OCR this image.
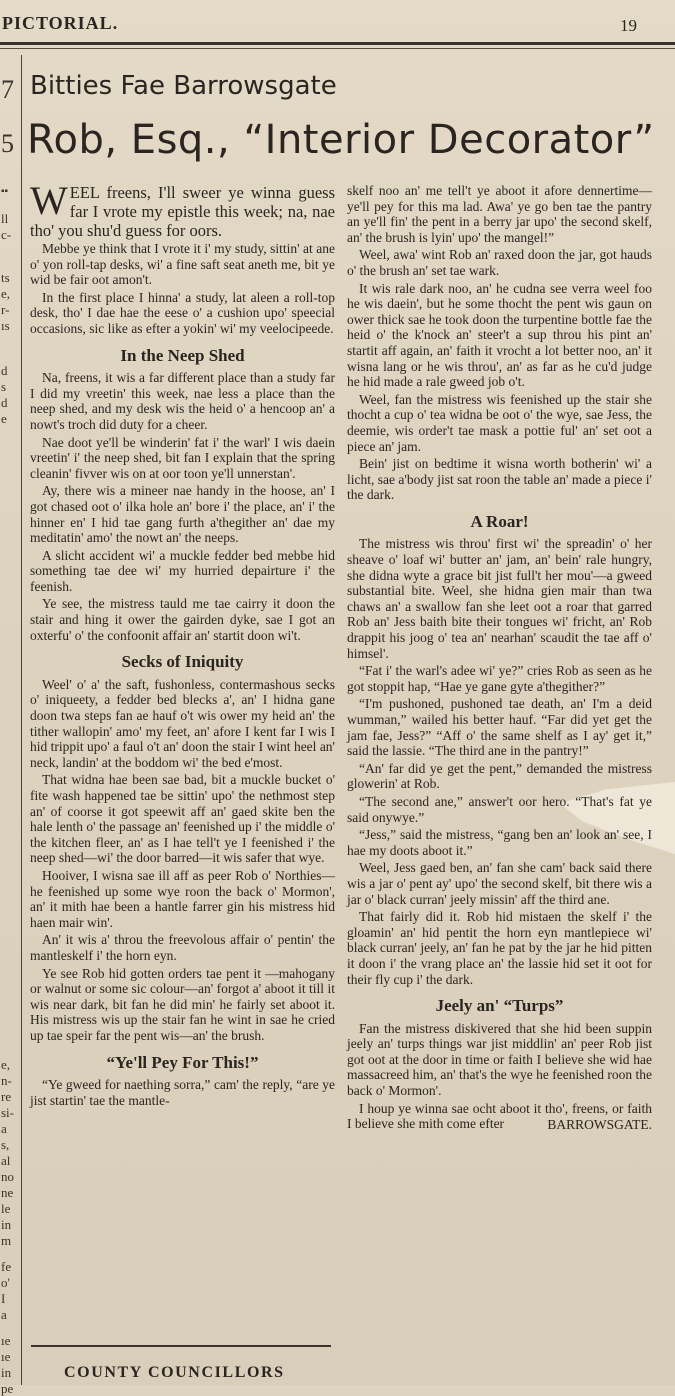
PICTORIAL.	19
7
5
▪▪
ll
c-
ts
e,
r-
ıs
d
s
d
e
e,
n-
re
si-
a
s,
al
no
ne
le
in
m
fe
o'
I
a
ıe
ıe
in
pe
Bitties Fae Barrowsgate
Rob, Esq., “Interior Decorator”

WEEL freens, I'll sweer ye winna guess far I vrote my epistle this week; na, nae tho' you shu'd guess for oors.

Mebbe ye think that I vrote it i' my study, sittin' at ane o' yon roll-tap desks, wi' a fine saft seat aneth me, bit ye wid be fair oot amon't.

In the first place I hinna' a study, lat aleen a roll-top desk, tho' I dae hae the eese o' a cushion upo' speecial occasions, sic like as efter a yokin' wi' my veelocipeede.

In the Neep Shed

Na, freens, it wis a far different place than a study far I did my vreetin' this week, nae less a place than the neep shed, and my desk wis the heid o' a hencoop an' a nowt's troch did duty for a cheer.

Nae doot ye'll be winderin' fat i' the warl' I wis daein vreetin' i' the neep shed, bit fan I explain that the spring cleanin' fivver wis on at oor toon ye'll unnerstan'.

Ay, there wis a mineer nae handy in the hoose, an' I got chased oot o' ilka hole an' bore i' the place, an' i' the hinner en' I hid tae gang furth a'thegither an' dae my meditatin' amo' the nowt an' the neeps.

A slicht accident wi' a muckle fedder bed mebbe hid something tae dee wi' my hurried depairture i' the feenish.

Ye see, the mistress tauld me tae cairry it doon the stair and hing it ower the gairden dyke, sae I got an oxterfu' o' the confoonit affair an' startit doon wi't.

Secks of Iniquity

Weel' o' a' the saft, fushonless, contermashous secks o' iniqueety, a fedder bed blecks a', an' I hidna gane doon twa steps fan ae hauf o't wis ower my heid an' the tither wallopin' amo' my feet, an' afore I kent far I wis I hid trippit upo' a faul o't an' doon the stair I wint heel an' neck, landin' at the boddom wi' the bed e'most.

That widna hae been sae bad, bit a muckle bucket o' fite wash happened tae be sittin' upo' the nethmost step an' of coorse it got speewit aff an' gaed skite ben the hale lenth o' the passage an' feenished up i' the middle o' the kitchen fleer, an' as I hae tell't ye I feenished i' the neep shed—wi' the door barred—it wis safer that wye.

Hooiver, I wisna sae ill aff as peer Rob o' Northies—he feenished up some wye roon the back o' Mormon', an' it mith hae been a hantle farrer gin his mistress hid haen mair win'.

An' it wis a' throu the freevolous affair o' pentin' the mantleskelf i' the horn eyn.

Ye see Rob hid gotten orders tae pent it —mahogany or walnut or some sic colour—an' forgot a' aboot it till it wis near dark, bit fan he did min' he fairly set aboot it. His mistress wis up the stair fan he wint in sae he cried up tae speir far the pent wis—an' the brush.

“Ye'll Pey For This!”

“Ye gweed for naething sorra,” cam' the reply, “are ye jist startin' tae the mantle-

skelf noo an' me tell't ye aboot it afore dennertime—ye'll pey for this ma lad. Awa' ye go ben tae the pantry an ye'll fin' the pent in a berry jar upo' the second skelf, an' the brush is lyin' upo' the mangel!”

Weel, awa' wint Rob an' raxed doon the jar, got hauds o' the brush an' set tae wark.

It wis rale dark noo, an' he cudna see verra weel foo he wis daein', but he some thocht the pent wis gaun on ower thick sae he took doon the turpentine bottle fae the heid o' the k'nock an' steer't a sup throu his pint an' startit aff again, an' faith it vrocht a lot better noo, an' it wisna lang or he wis throu', an' as far as he cu'd judge he hid made a rale gweed job o't.

Weel, fan the mistress wis feenished up the stair she thocht a cup o' tea widna be oot o' the wye, sae Jess, the deemie, wis order't tae mask a pottie ful' an' set oot a piece an' jam.

Bein' jist on bedtime it wisna worth botherin' wi' a licht, sae a'body jist sat roon the table an' made a piece i' the dark.

A Roar!

The mistress wis throu' first wi' the spreadin' o' her sheave o' loaf wi' butter an' jam, an' bein' rale hungry, she didna wyte a grace bit jist full't her mou'—a gweed substantial bite. Weel, she hidna gien mair than twa chaws an' a swallow fan she leet oot a roar that garred Rob an' Jess baith bite their tongues wi' fricht, an' Rob drappit his joog o' tea an' nearhan' scaudit the tae aff o' himsel'.

“Fat i' the warl's adee wi' ye?” cries Rob as seen as he got stoppit hap, “Hae ye gane gyte a'thegither?”

“I'm pushoned, pushoned tae death, an' I'm a deid wumman,” wailed his better hauf. “Far did yet get the jam fae, Jess?” “Aff o' the same shelf as I ay' get it,” said the lassie. “The third ane in the pantry!”

“An' far did ye get the pent,” demanded the mistress glowerin' at Rob.

“The second ane,” answer't oor hero. “That's fat ye said onywye.”

“Jess,” said the mistress, “gang ben an' look an' see, I hae my doots aboot it.”

Weel, Jess gaed ben, an' fan she cam' back said there wis a jar o' pent ay' upo' the second skelf, bit there wis a jar o' black curran' jeely missin' aff the third ane.

That fairly did it. Rob hid mistaen the skelf i' the gloamin' an' hid pentit the horn eyn mantlepiece wi' black curran' jeely, an' fan he pat by the jar he hid pitten it doon i' the vrang place an' the lassie hid set it oot for their fly cup i' the dark.

Jeely an' “Turps”

Fan the mistress diskivered that she hid been suppin jeely an' turps things war jist middlin' an' peer Rob jist got oot at the door in time or faith I believe she wid hae massacreed him, an' that's the wye he feenished roon the back o' Mormon'.

I houp ye winna sae ocht aboot it tho', freens, or faith I believe she mith come efter	BARROWSGATE.

COUNTY COUNCILLORS
